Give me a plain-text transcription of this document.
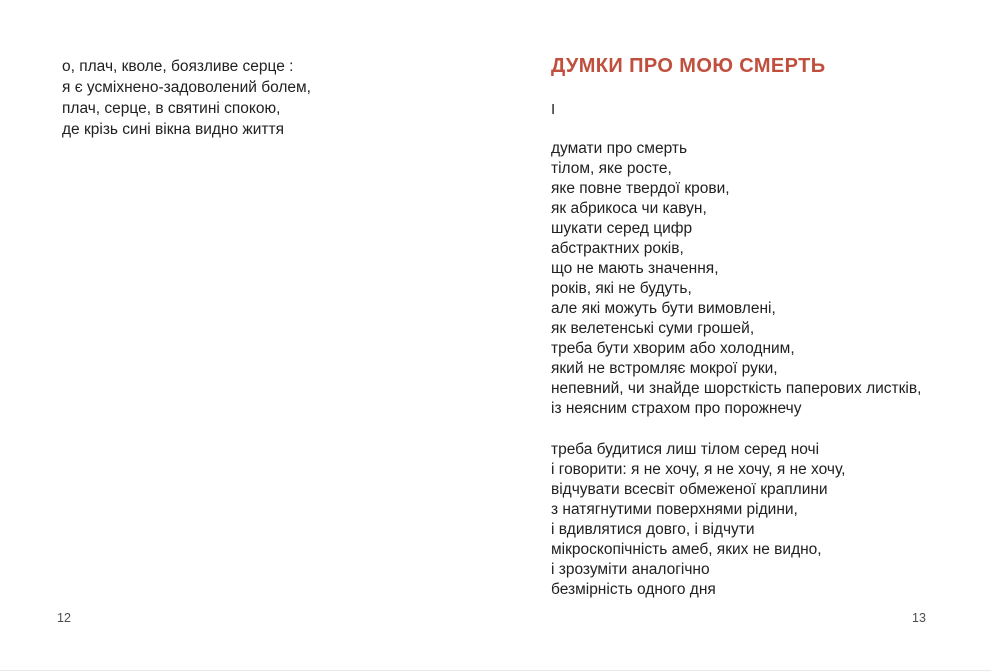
о, плач, кволе, боязливе серце :
я є усміхнено-задоволений болем,
плач, серце, в святині спокою,
де крізь сині вікна видно життя
12
ДУМКИ ПРО МОЮ СМЕРТЬ
І
думати про смерть
тілом, яке росте,
яке повне твердої крови,
як абрикоса чи кавун,
шукати серед цифр
абстрактних років,
що не мають значення,
років, які не будуть,
але які можуть бути вимовлені,
як велетенські суми грошей,
треба бути хворим або холодним,
який не встромляє мокрої руки,
непевний, чи знайде шорсткість паперових листків,
із неясним страхом про порожнечу
треба будитися лиш тілом серед ночі
і говорити: я не хочу, я не хочу, я не хочу,
відчувати всесвіт обмеженої краплини
з натягнутими поверхнями рідини,
і вдивлятися довго, і відчути
мікроскопічність амеб, яких не видно,
і зрозуміти аналогічно
безмірність одного дня
13
